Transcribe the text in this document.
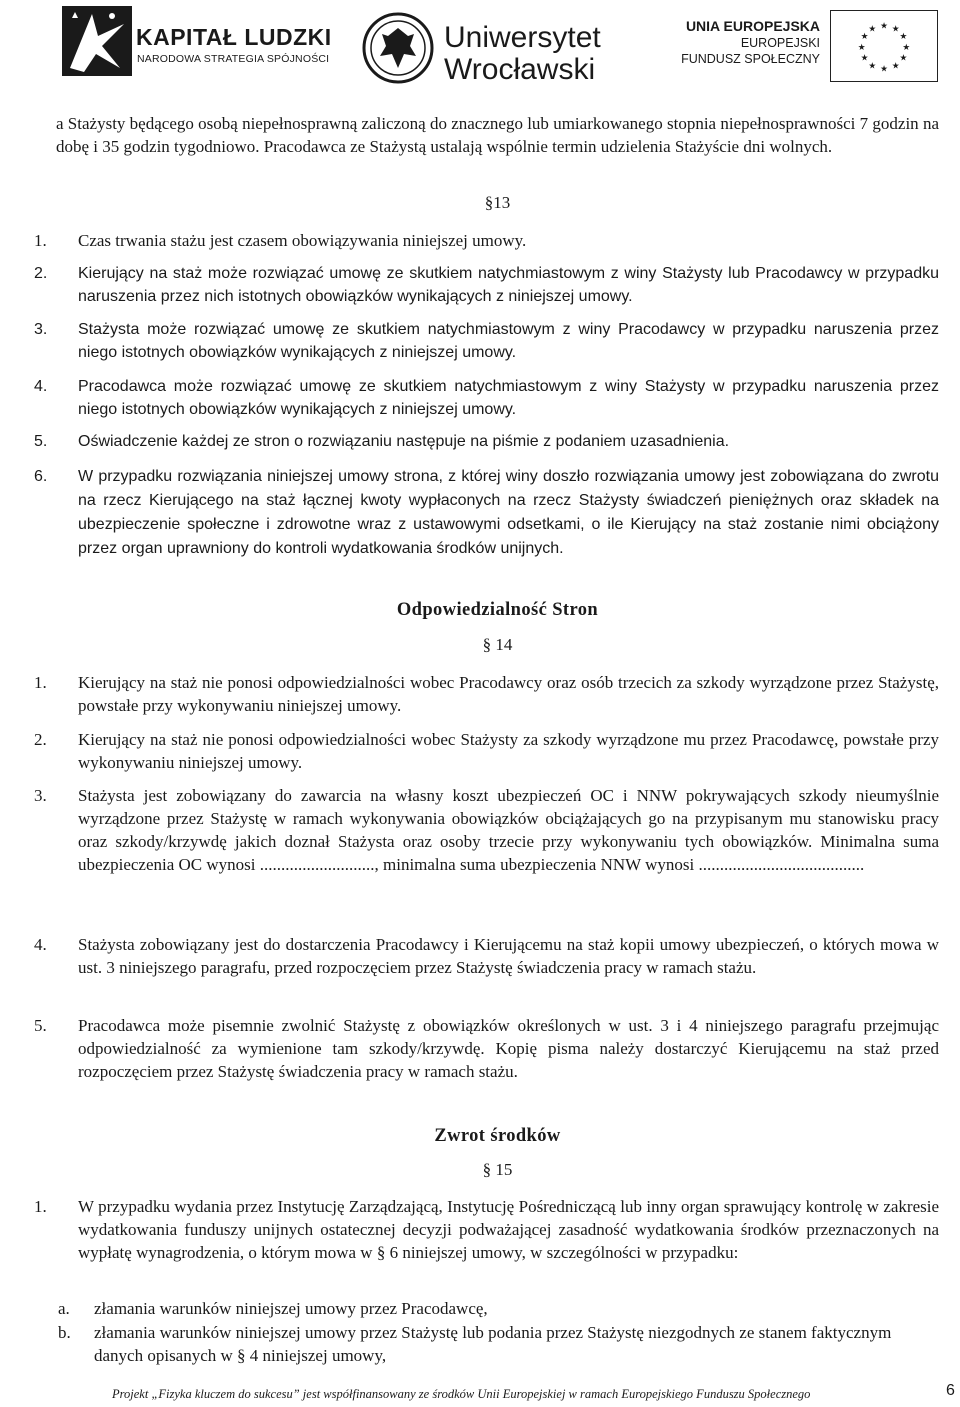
KAPITAŁ LUDZKI
NARODOWA STRATEGIA SPÓJNOŚCI
Uniwersytet
Wrocławski
UNIA EUROPEJSKA
EUROPEJSKI
FUNDUSZ SPOŁECZNY
★ ★
★
★
★
★
★
★
★
★
★
★

a Stażysty będącego osobą niepełnosprawną zaliczoną do znacznego lub umiarkowanego stopnia niepełnosprawności 7 godzin na dobę i 35 godzin tygodniowo. Pracodawca ze Stażystą ustalają wspólnie termin udzielenia Stażyście dni wolnych.

§13

1. Czas trwania stażu jest czasem obowiązywania niniejszej umowy.

2. Kierujący na staż może rozwiązać umowę ze skutkiem natychmiastowym z winy Stażysty lub Pracodawcy w przypadku naruszenia przez nich istotnych obowiązków wynikających z niniejszej umowy.

3. Stażysta może rozwiązać umowę ze skutkiem natychmiastowym z winy Pracodawcy w przypadku naruszenia przez niego istotnych obowiązków wynikających z niniejszej umowy.

4. Pracodawca może rozwiązać umowę ze skutkiem natychmiastowym z winy Stażysty w przypadku naruszenia przez niego istotnych obowiązków wynikających z niniejszej umowy.

5. Oświadczenie każdej ze stron o rozwiązaniu następuje na piśmie z podaniem uzasadnienia.

6. W przypadku rozwiązania niniejszej umowy strona, z której winy doszło rozwiązania umowy jest zobowiązana do zwrotu na rzecz Kierującego na staż łącznej kwoty wypłaconych na rzecz Stażysty świadczeń pieniężnych oraz składek na ubezpieczenie społeczne i zdrowotne wraz z ustawowymi odsetkami, o ile Kierujący na staż zostanie nimi obciążony przez organ uprawniony do kontroli wydatkowania środków unijnych.

Odpowiedzialność Stron
§ 14

1. Kierujący na staż nie ponosi odpowiedzialności wobec Pracodawcy oraz osób trzecich za szkody wyrządzone przez Stażystę, powstałe przy wykonywaniu niniejszej umowy.

2. Kierujący na staż nie ponosi odpowiedzialności wobec Stażysty za szkody wyrządzone mu przez Pracodawcę, powstałe przy wykonywaniu niniejszej umowy.

3. Stażysta jest zobowiązany do zawarcia na własny koszt ubezpieczeń OC i NNW pokrywających szkody nieumyślnie wyrządzone przez Stażystę w ramach wykonywania obowiązków obciążających go na przypisanym mu stanowisku pracy oraz szkody/krzywdę jakich doznał Stażysta oraz osoby trzecie przy wykonywaniu tych obowiązków. Minimalna suma ubezpieczenia OC wynosi ..........................., minimalna suma ubezpieczenia NNW wynosi .......................................

4. Stażysta zobowiązany jest do dostarczenia Pracodawcy i Kierującemu na staż kopii umowy ubezpieczeń, o których mowa w ust. 3 niniejszego paragrafu, przed rozpoczęciem przez Stażystę świadczenia pracy w ramach stażu.

5. Pracodawca może pisemnie zwolnić Stażystę z obowiązków określonych w ust. 3 i 4 niniejszego paragrafu przejmując odpowiedzialność za wymienione tam szkody/krzywdę. Kopię pisma należy dostarczyć Kierującemu na staż przed rozpoczęciem przez Stażystę świadczenia pracy w ramach stażu.

Zwrot środków
§ 15

1. W przypadku wydania przez Instytucję Zarządzającą, Instytucję Pośredniczącą lub inny organ sprawujący kontrolę w zakresie wydatkowania funduszy unijnych ostatecznej decyzji podważającej zasadność wydatkowania środków przeznaczonych na wypłatę wynagrodzenia, o którym mowa w § 6 niniejszej umowy, w szczególności w przypadku:

a. złamania warunków niniejszej umowy przez Pracodawcę,

b. złamania warunków niniejszej umowy przez Stażystę lub podania przez Stażystę niezgodnych ze stanem faktycznym danych opisanych w § 4 niniejszej umowy,

Projekt „Fizyka kluczem do sukcesu” jest współfinansowany ze środków Unii Europejskiej w ramach Europejskiego Funduszu Społecznego	6
